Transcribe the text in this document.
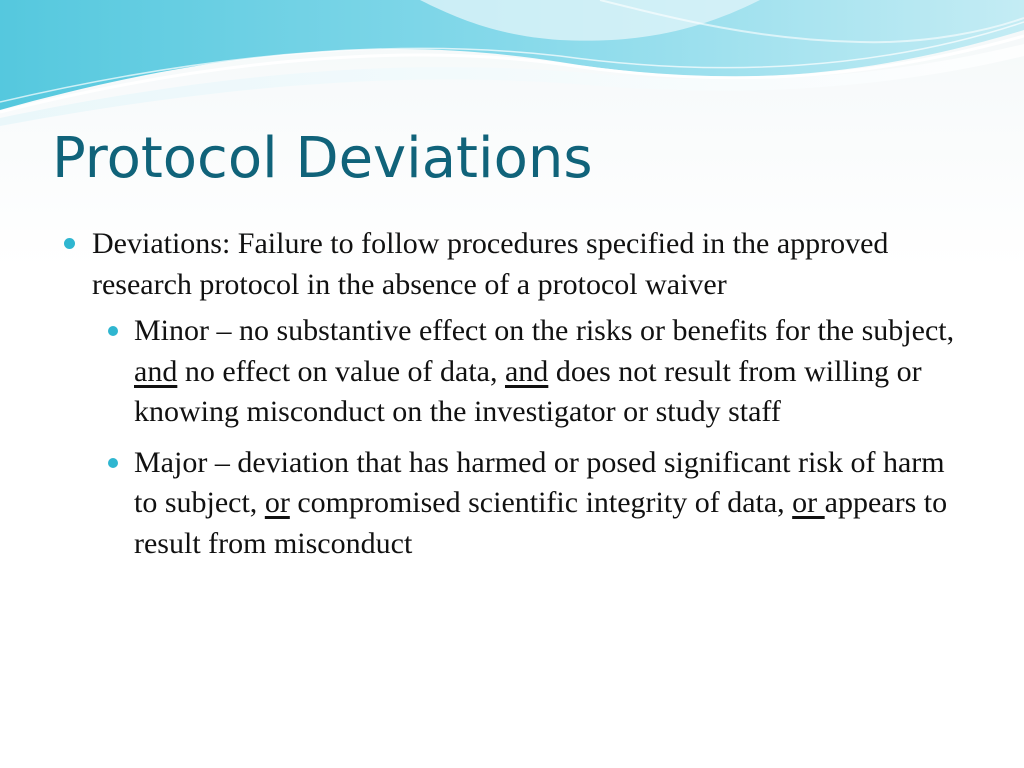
Protocol Deviations
Deviations: Failure to follow procedures specified in the approved research protocol in the absence of a protocol waiver
Minor – no substantive effect on the risks or benefits for the subject, and no effect on value of data, and does not result from willing or knowing misconduct on the investigator or study staff
Major – deviation that has harmed or posed significant risk of harm to subject, or compromised scientific integrity of data, or appears to result from misconduct
